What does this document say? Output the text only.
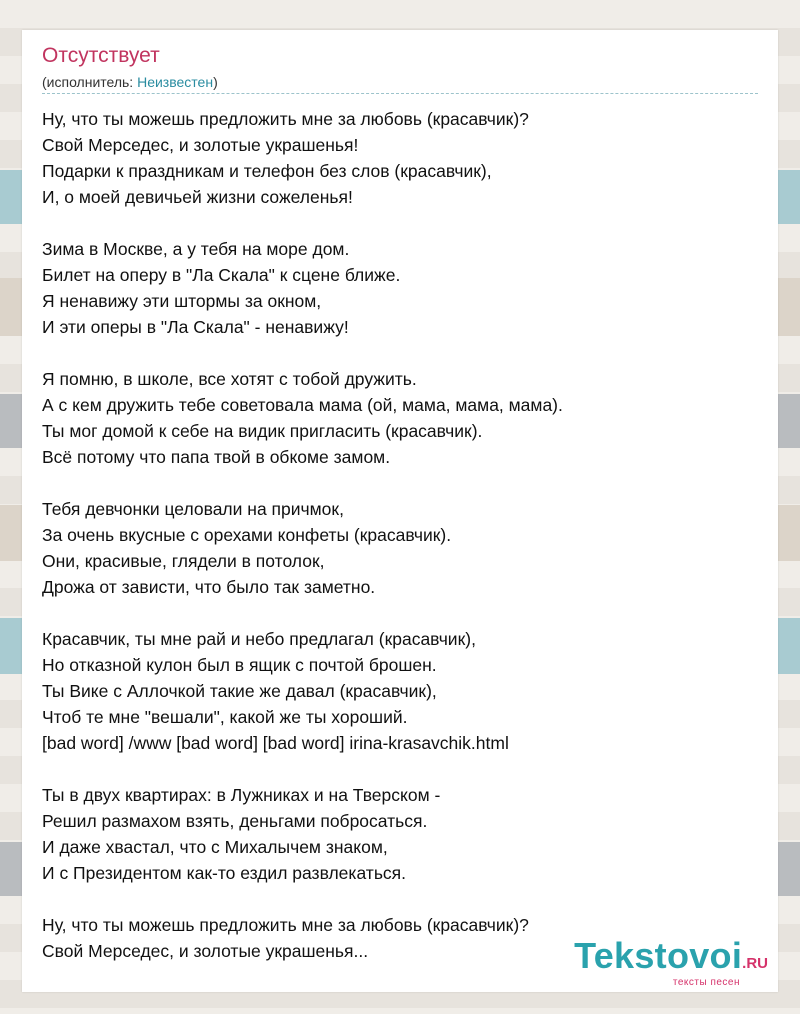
Отсутствует
(исполнитель: Неизвестен)
Ну, что ты можешь предложить мне за любовь (красавчик)?
Свой Мерседес, и золотые украшенья!
Подарки к праздникам и телефон без слов (красавчик),
И, о моей девичьей жизни сожеленья!
Зима в Москве, а у тебя на море дом.
Билет на оперу в "Ла Скала" к сцене ближе.
Я ненавижу эти штормы за окном,
И эти оперы в "Ла Скала" - ненавижу!
Я помню, в школе, все хотят с тобой дружить.
А с кем дружить тебе советовала мама (ой, мама, мама, мама).
Ты мог домой к себе на видик пригласить (красавчик).
Всё потому что папа твой в обкоме замом.
Тебя девчонки целовали на причмок,
За очень вкусные с орехами конфеты (красавчик).
Они, красивые, глядели в потолок,
Дрожа от зависти, что было так заметно.
Красавчик, ты мне рай и небо предлагал (красавчик),
Но отказной кулон был в ящик с почтой брошен.
Ты Вике с Аллочкой такие же давал (красавчик),
Чтоб те мне "вешали", какой же ты хороший.
[bad word] /www [bad word] [bad word] irina-krasavchik.html
Ты в двух квартирах: в Лужниках и на Тверском -
Решил размахом взять, деньгами побросаться.
И даже хвастал, что с Михалычем знаком,
И с Президентом как-то ездил развлекаться.
Ну, что ты можешь предложить мне за любовь (красавчик)?
Свой Мерседес, и золотые украшенья...	Tekstovoi.RU
тексты песен
